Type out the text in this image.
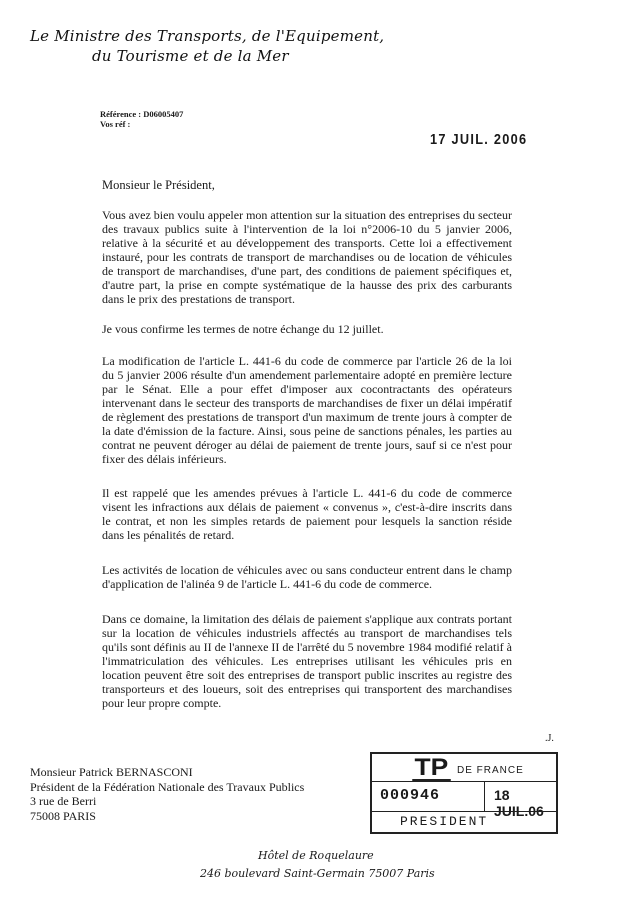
Le Ministre des Transports, de l'Equipement,
du Tourisme et de la Mer
Référence : D06005407
Vos réf :
17 JUIL. 2006
Monsieur le Président,
Vous avez bien voulu appeler mon attention sur la situation des entreprises du secteur des travaux publics suite à l'intervention de la loi n°2006-10 du 5 janvier 2006, relative à la sécurité et au développement des transports. Cette loi a effectivement instauré, pour les contrats de transport de marchandises ou de location de véhicules de transport de marchandises, d'une part, des conditions de paiement spécifiques et, d'autre part, la prise en compte systématique de la hausse des prix des carburants dans le prix des prestations de transport.
Je vous confirme les termes de notre échange du 12 juillet.
La modification de l'article L. 441-6 du code de commerce par l'article 26 de la loi du 5 janvier 2006 résulte d'un amendement parlementaire adopté en première lecture par le Sénat. Elle a pour effet d'imposer aux cocontractants des opérateurs intervenant dans le secteur des transports de marchandises de fixer un délai impératif de règlement des prestations de transport d'un maximum de trente jours à compter de la date d'émission de la facture. Ainsi, sous peine de sanctions pénales, les parties au contrat ne peuvent déroger au délai de paiement de trente jours, sauf si ce n'est pour fixer des délais inférieurs.
Il est rappelé que les amendes prévues à l'article L. 441-6 du code de commerce visent les infractions aux délais de paiement « convenus », c'est-à-dire inscrits dans le contrat, et non les simples retards de paiement pour lesquels la sanction réside dans les pénalités de retard.
Les activités de location de véhicules avec ou sans conducteur entrent dans le champ d'application de l'alinéa 9 de l'article L. 441-6 du code de commerce.
Dans ce domaine, la limitation des délais de paiement s'applique aux contrats portant sur la location de véhicules industriels affectés au transport de marchandises tels qu'ils sont définis au II de l'annexe II de l'arrêté du 5 novembre 1984 modifié relatif à l'immatriculation des véhicules. Les entreprises utilisant les véhicules pris en location peuvent être soit des entreprises de transport public inscrites au registre des transporteurs et des loueurs, soit des entreprises qui transportent des marchandises pour leur propre compte.
.J.
Monsieur Patrick BERNASCONI
Président de la Fédération Nationale des Travaux Publics
3 rue de Berri
75008 PARIS
TP DE FRANCE
000946	18 JUIL.06
PRESIDENT
Hôtel de Roquelaure
246 boulevard Saint-Germain 75007 Paris
